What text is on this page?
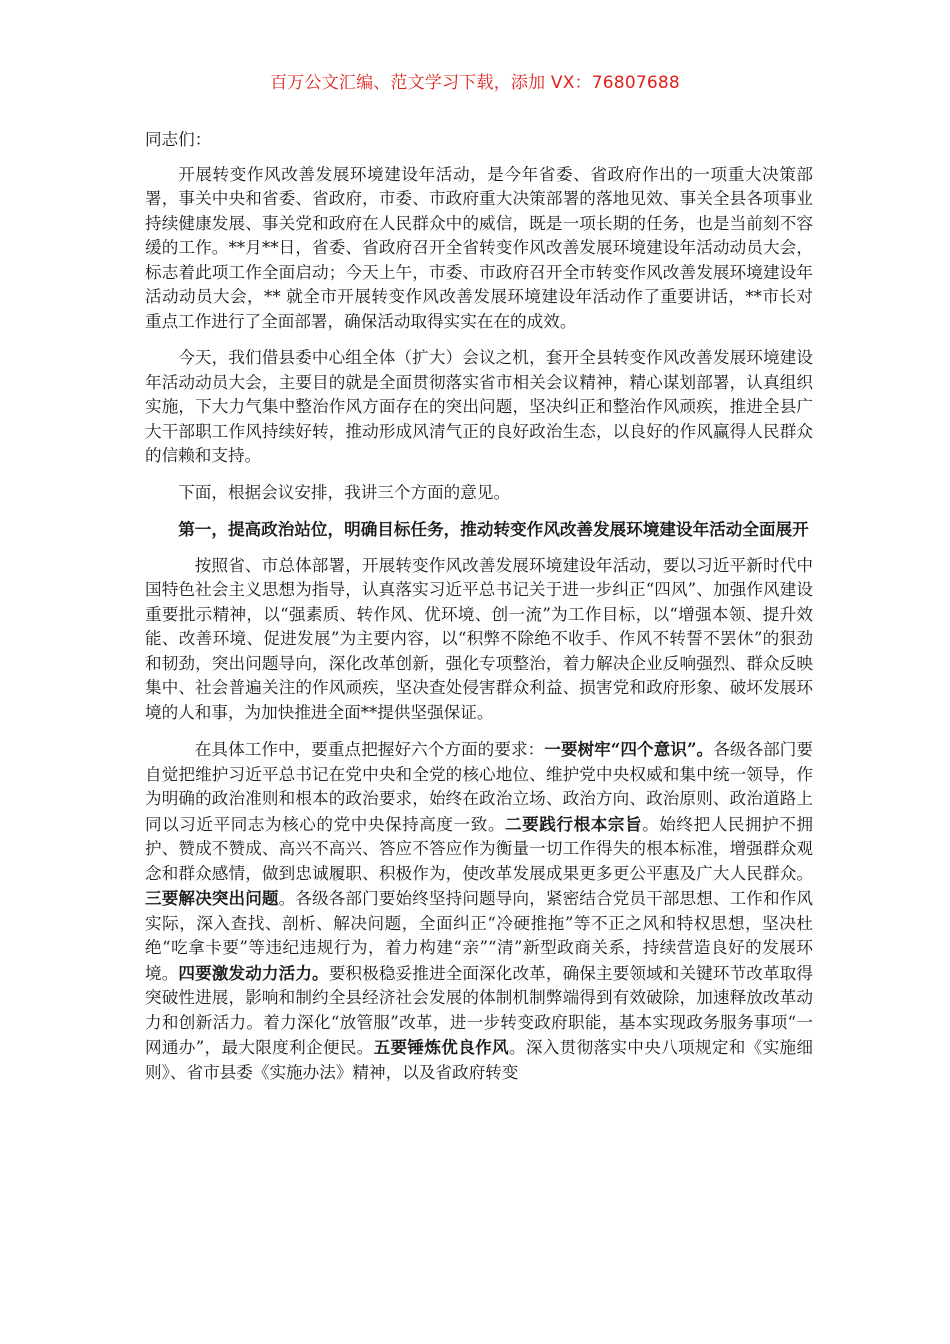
百万公文汇编、范文学习下载，添加 VX：76807688

同志们：

开展转变作风改善发展环境建设年活动，是今年省委、省政府作出的一项重大决策部署，事关中央和省委、省政府，市委、市政府重大决策部署的落地见效、事关全县各项事业持续健康发展、事关党和政府在人民群众中的威信，既是一项长期的任务，也是当前刻不容缓的工作。**月**日，省委、省政府召开全省转变作风改善发展环境建设年活动动员大会，标志着此项工作全面启动；今天上午，市委、市政府召开全市转变作风改善发展环境建设年活动动员大会，** 就全市开展转变作风改善发展环境建设年活动作了重要讲话，**市长对重点工作进行了全面部署，确保活动取得实实在在的成效。

今天，我们借县委中心组全体（扩大）会议之机，套开全县转变作风改善发展环境建设年活动动员大会，主要目的就是全面贯彻落实省市相关会议精神，精心谋划部署，认真组织实施，下大力气集中整治作风方面存在的突出问题，坚决纠正和整治作风顽疾，推进全县广大干部职工作风持续好转，推动形成风清气正的良好政治生态，以良好的作风赢得人民群众的信赖和支持。

下面，根据会议安排，我讲三个方面的意见。

第一，提高政治站位，明确目标任务，推动转变作风改善发展环境建设年活动全面展开

按照省、市总体部署，开展转变作风改善发展环境建设年活动，要以习近平新时代中国特色社会主义思想为指导，认真落实习近平总书记关于进一步纠正“四风”、加强作风建设重要批示精神，以“强素质、转作风、优环境、创一流”为工作目标，以“增强本领、提升效能、改善环境、促进发展”为主要内容，以“积弊不除绝不收手、作风不转誓不罢休”的狠劲和韧劲，突出问题导向，深化改革创新，强化专项整治，着力解决企业反响强烈、群众反映集中、社会普遍关注的作风顽疾，坚决查处侵害群众利益、损害党和政府形象、破坏发展环境的人和事，为加快推进全面**提供坚强保证。

在具体工作中，要重点把握好六个方面的要求：一要树牢“四个意识”。各级各部门要自觉把维护习近平总书记在党中央和全党的核心地位、维护党中央权威和集中统一领导，作为明确的政治准则和根本的政治要求，始终在政治立场、政治方向、政治原则、政治道路上同以习近平同志为核心的党中央保持高度一致。二要践行根本宗旨。始终把人民拥护不拥护、赞成不赞成、高兴不高兴、答应不答应作为衡量一切工作得失的根本标准，增强群众观念和群众感情，做到忠诚履职、积极作为，使改革发展成果更多更公平惠及广大人民群众。三要解决突出问题。各级各部门要始终坚持问题导向，紧密结合党员干部思想、工作和作风实际，深入查找、剖析、解决问题，全面纠正“冷硬推拖”等不正之风和特权思想，坚决杜绝“吃拿卡要”等违纪违规行为，着力构建“亲”“清”新型政商关系，持续营造良好的发展环境。四要激发动力活力。要积极稳妥推进全面深化改革，确保主要领域和关键环节改革取得突破性进展，影响和制约全县经济社会发展的体制机制弊端得到有效破除，加速释放改革动力和创新活力。着力深化“放管服”改革，进一步转变政府职能，基本实现政务服务事项“一网通办”，最大限度利企便民。五要锤炼优良作风。深入贯彻落实中央八项规定和《实施细则》、省市县委《实施办法》精神，以及省政府转变
